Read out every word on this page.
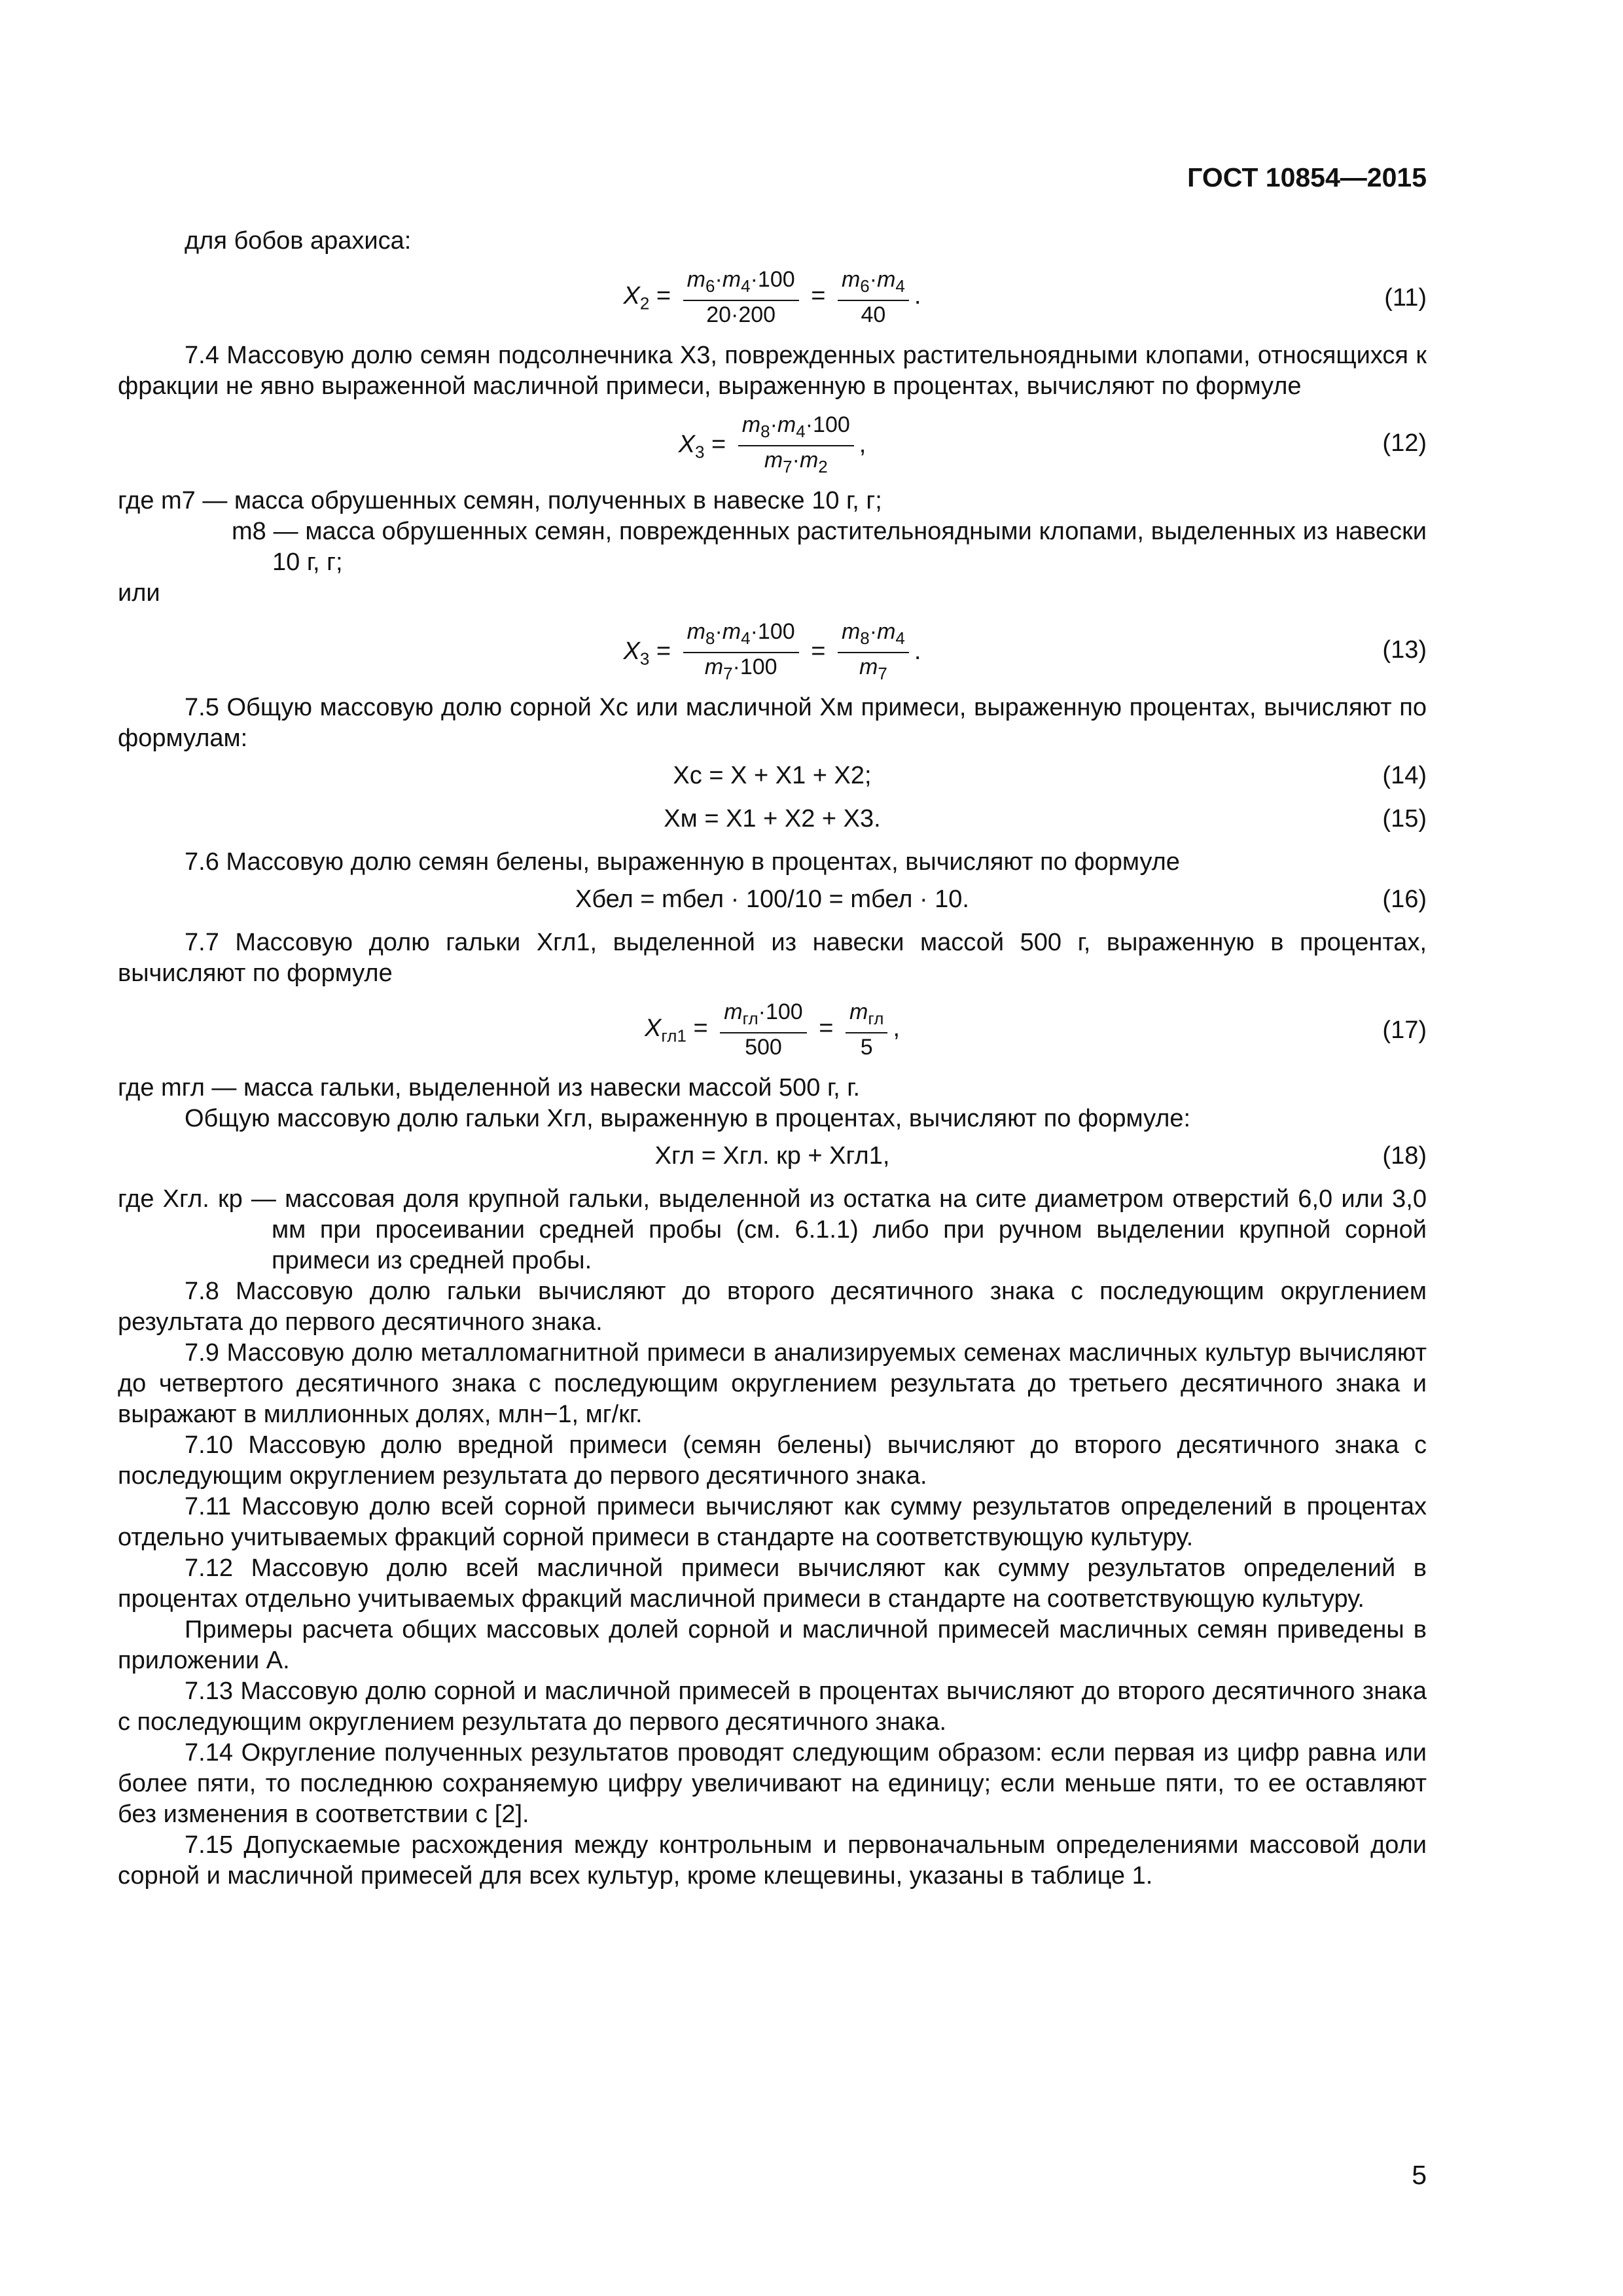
ГОСТ 10854—2015

для бобов арахиса:

$X_2 = \frac{m_6\cdot m_4\cdot 100}{20\cdot 200} = \frac{m_6\cdot m_4}{40}$ .	(11)

7.4 Массовую долю семян подсолнечника X3, поврежденных растительноядными клопами, относящихся к фракции не явно выраженной масличной примеси, выраженную в процентах, вычисляют по формуле

$X_3 = \frac{m_8\cdot m_4\cdot 100}{m_7\cdot m_2}$ ,	(12)

где m7 — масса обрушенных семян, полученных в навеске 10 г, г;

m8 — масса обрушенных семян, поврежденных растительноядными клопами, выделенных из навески 10 г, г;

или

$X_3 = \frac{m_8\cdot m_4\cdot 100}{m_7\cdot 100} = \frac{m_8\cdot m_4}{m_7}$ .	(13)

7.5 Общую массовую долю сорной Xс или масличной Xм примеси, выраженную процентах, вычисляют по формулам:

Xс = X + X1 + X2;	(14)
Xм = X1 + X2 + X3.	(15)

7.6 Массовую долю семян белены, выраженную в процентах, вычисляют по формуле

Xбел = mбел · 100/10 = mбел · 10.	(16)

7.7 Массовую долю гальки Xгл1, выделенной из навески массой 500 г, выраженную в процентах, вычисляют по формуле

$X_{гл1} = \frac{m_{гл}\cdot 100}{500} = \frac{m_{гл}}{5}$ ,	(17)

где mгл — масса гальки, выделенной из навески массой 500 г, г.

Общую массовую долю гальки Xгл, выраженную в процентах, вычисляют по формуле:

Xгл = Xгл. кр + Xгл1,	(18)

где Xгл. кр — массовая доля крупной гальки, выделенной из остатка на сите диаметром отверстий 6,0 или 3,0 мм при просеивании средней пробы (см. 6.1.1) либо при ручном выделении крупной сорной примеси из средней пробы.

7.8 Массовую долю гальки вычисляют до второго десятичного знака с последующим округлением результата до первого десятичного знака.

7.9 Массовую долю металломагнитной примеси в анализируемых семенах масличных культур вычисляют до четвертого десятичного знака с последующим округлением результата до третьего десятичного знака и выражают в миллионных долях, млн−1, мг/кг.

7.10 Массовую долю вредной примеси (семян белены) вычисляют до второго десятичного знака с последующим округлением результата до первого десятичного знака.

7.11 Массовую долю всей сорной примеси вычисляют как сумму результатов определений в процентах отдельно учитываемых фракций сорной примеси в стандарте на соответствующую культуру.

7.12 Массовую долю всей масличной примеси вычисляют как сумму результатов определений в процентах отдельно учитываемых фракций масличной примеси в стандарте на соответствующую культуру.

Примеры расчета общих массовых долей сорной и масличной примесей масличных семян приведены в приложении А.

7.13 Массовую долю сорной и масличной примесей в процентах вычисляют до второго десятичного знака с последующим округлением результата до первого десятичного знака.

7.14 Округление полученных результатов проводят следующим образом: если первая из цифр равна или более пяти, то последнюю сохраняемую цифру увеличивают на единицу; если меньше пяти, то ее оставляют без изменения в соответствии с [2].

7.15 Допускаемые расхождения между контрольным и первоначальным определениями массовой доли сорной и масличной примесей для всех культур, кроме клещевины, указаны в таблице 1.

5
